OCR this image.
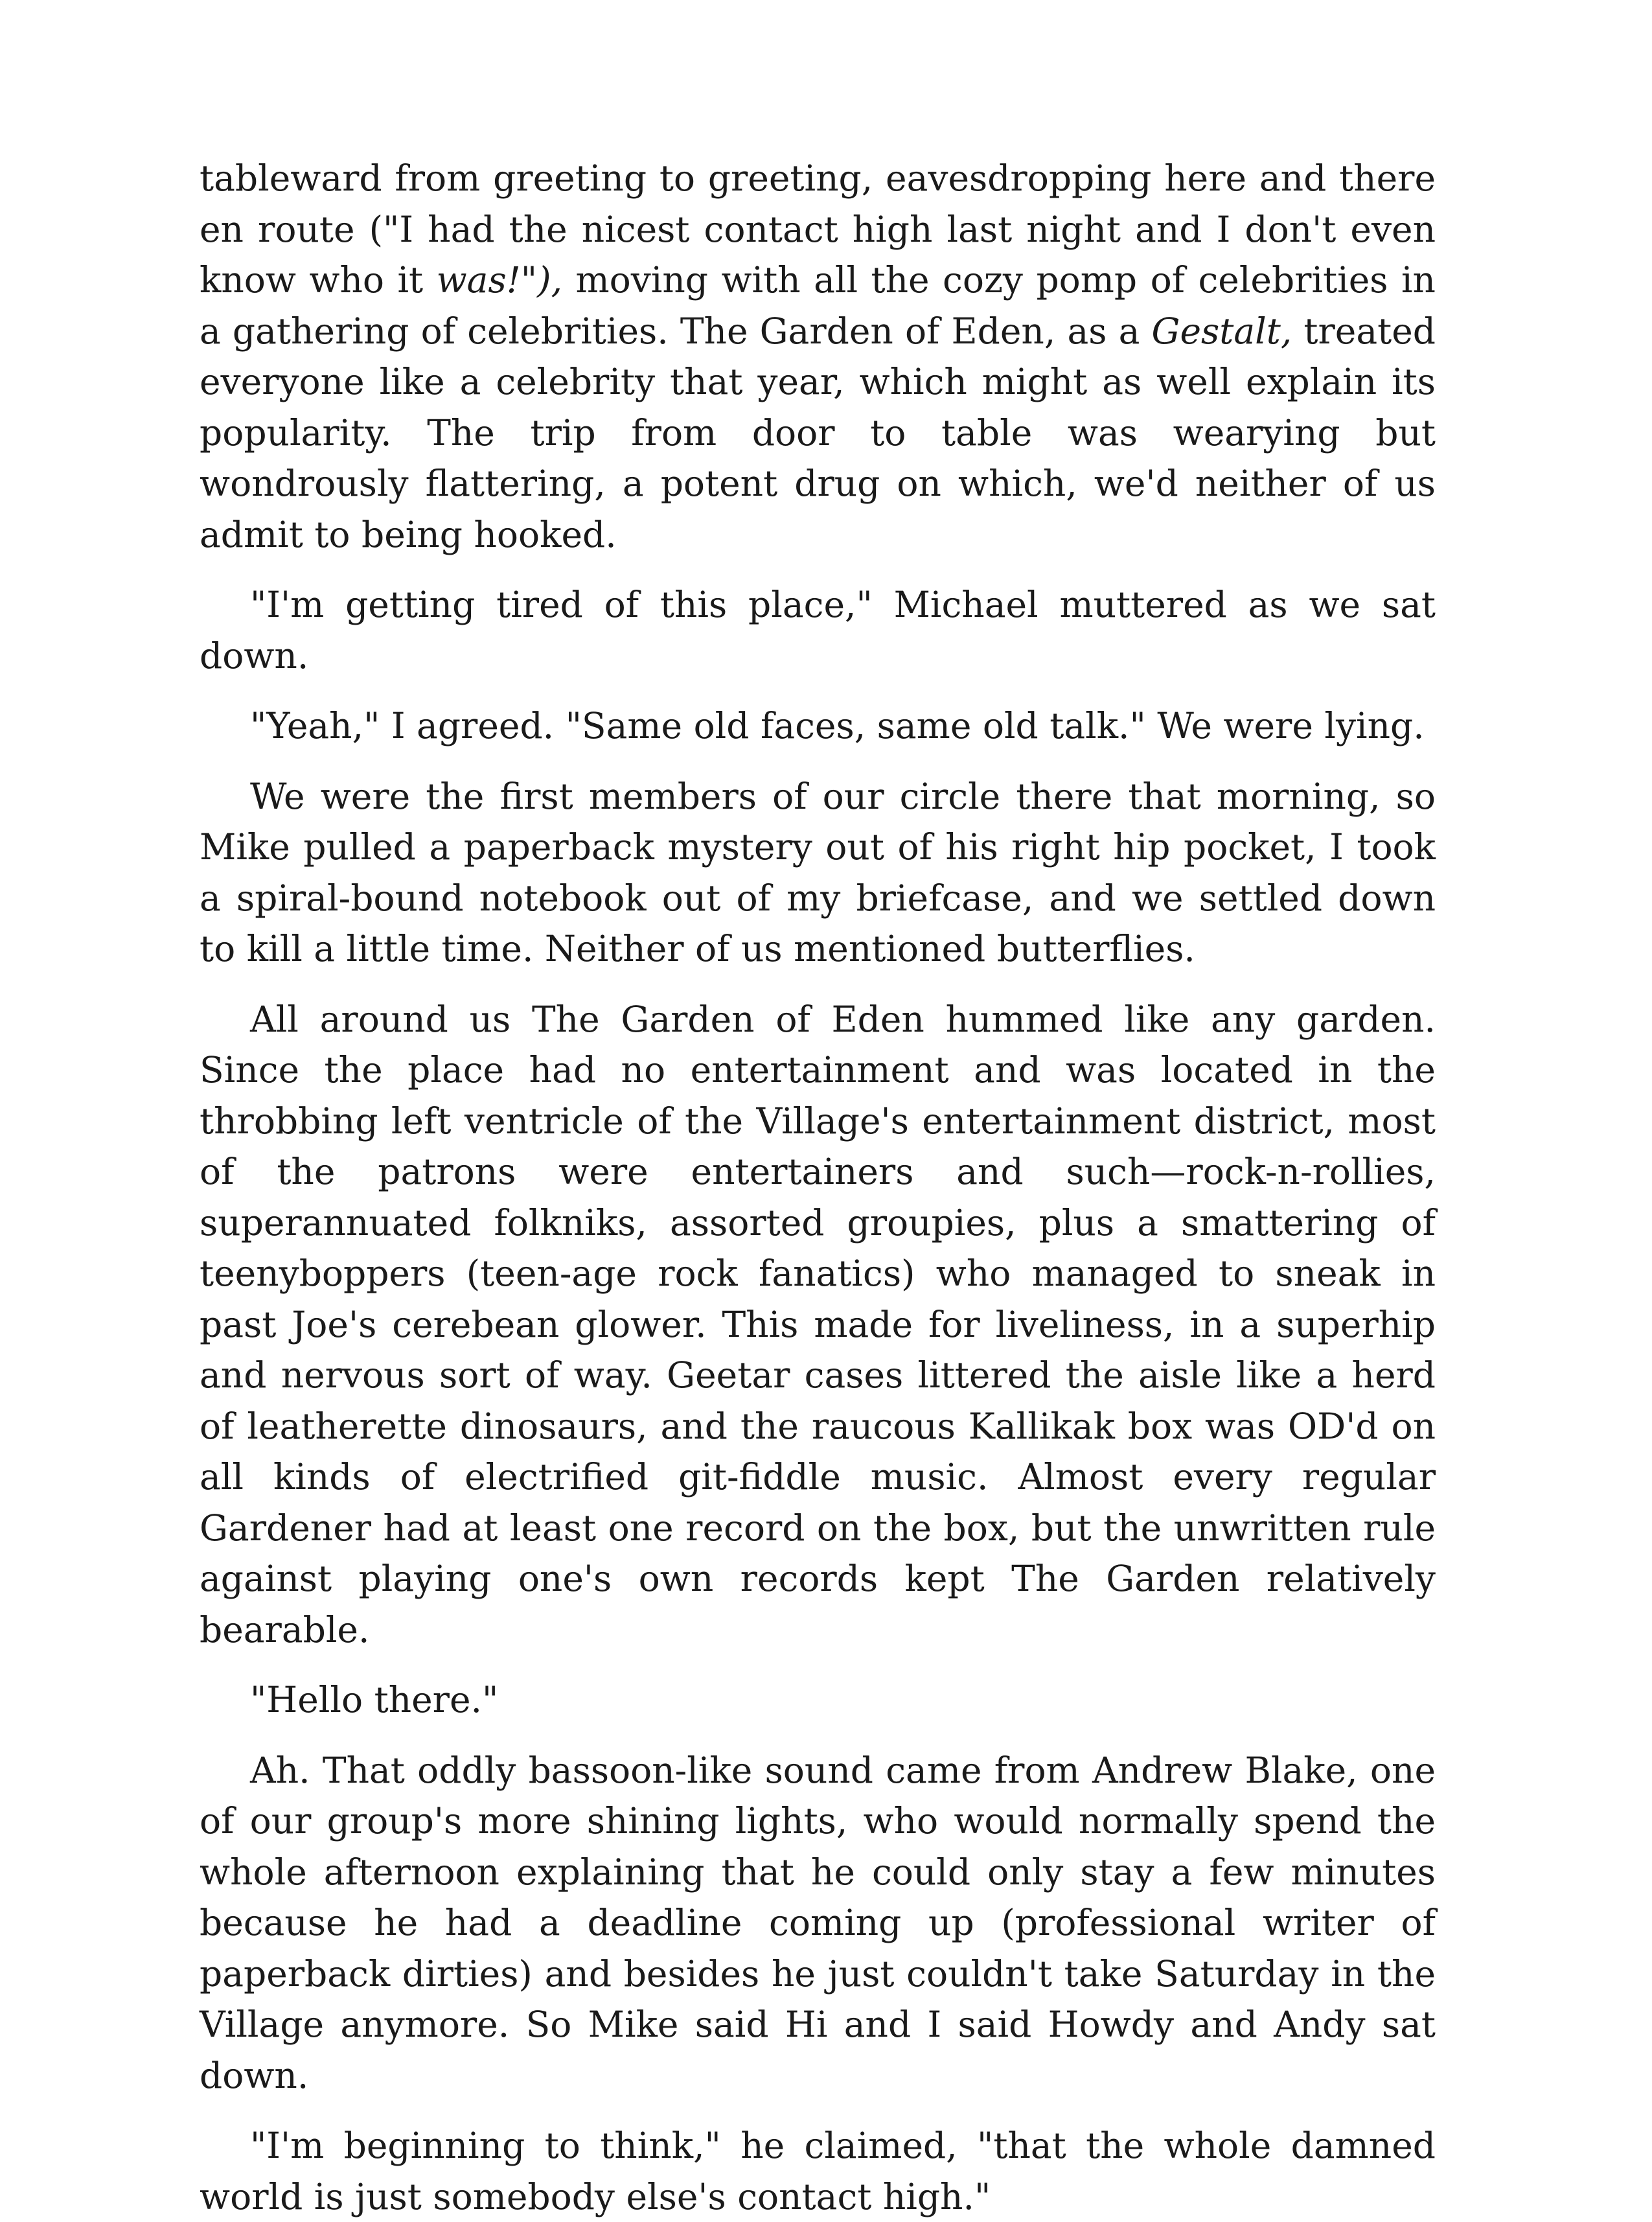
tableward from greeting to greeting, eavesdropping here and there en route ("I had the nicest contact high last night and I don't even know who it was!"), moving with all the cozy pomp of celebrities in a gathering of celebrities. The Garden of Eden, as a Gestalt, treated everyone like a celebrity that year, which might as well explain its popularity. The trip from door to table was wearying but wondrously flattering, a potent drug on which, we'd neither of us admit to being hooked.

"I'm getting tired of this place," Michael muttered as we sat down.

"Yeah," I agreed. "Same old faces, same old talk." We were lying.

We were the first members of our circle there that morning, so Mike pulled a paperback mystery out of his right hip pocket, I took a spiral-bound notebook out of my briefcase, and we settled down to kill a little time. Neither of us mentioned butterflies.

All around us The Garden of Eden hummed like any garden. Since the place had no entertainment and was located in the throbbing left ventricle of the Village's entertainment district, most of the patrons were entertainers and such—rock-n-rollies, superannuated folkniks, assorted groupies, plus a smattering of teenyboppers (teen-age rock fanatics) who managed to sneak in past Joe's cerebean glower. This made for liveliness, in a superhip and nervous sort of way. Geetar cases littered the aisle like a herd of leatherette dinosaurs, and the raucous Kallikak box was OD'd on all kinds of electrified git-fiddle music. Almost every regular Gardener had at least one record on the box, but the unwritten rule against playing one's own records kept The Garden relatively bearable.

"Hello there."

Ah. That oddly bassoon-like sound came from Andrew Blake, one of our group's more shining lights, who would normally spend the whole afternoon explaining that he could only stay a few minutes because he had a deadline coming up (professional writer of paperback dirties) and besides he just couldn't take Saturday in the Village anymore. So Mike said Hi and I said Howdy and Andy sat down.

"I'm beginning to think," he claimed, "that the whole damned world is just somebody else's contact high."
